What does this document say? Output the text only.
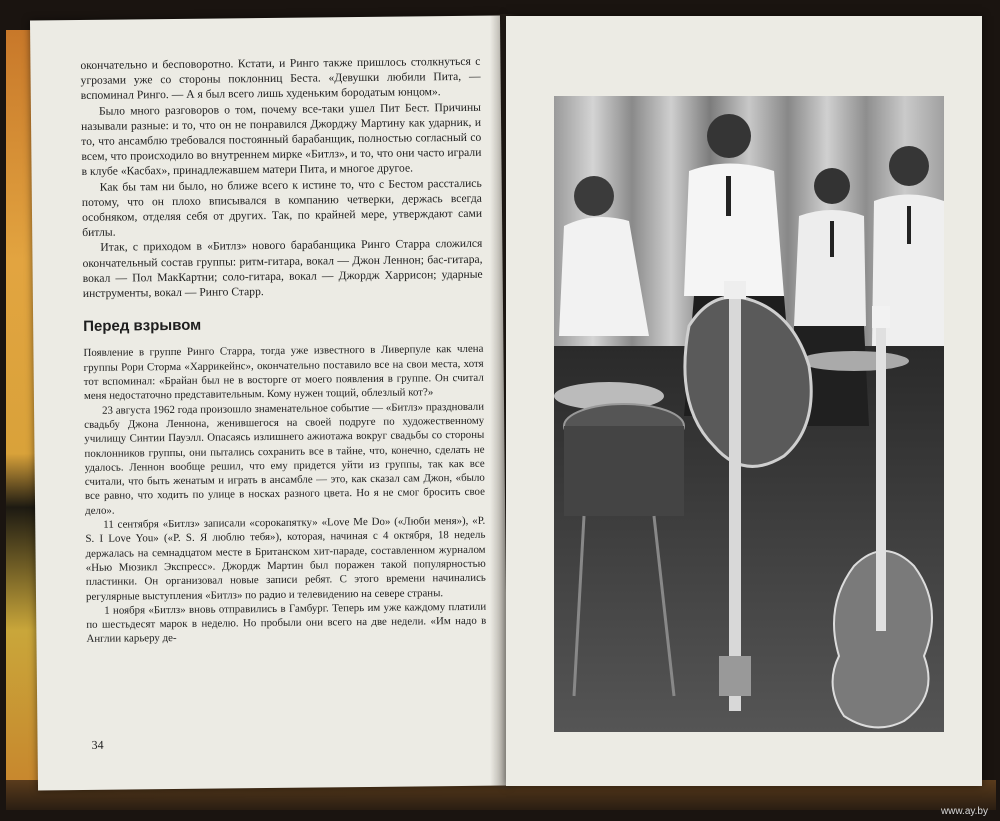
окончательно и бесповоротно. Кстати, и Ринго также пришлось столкнуться с угрозами уже со стороны поклонниц Беста. «Девушки любили Пита, — вспоминал Ринго. — А я был всего лишь худеньким бородатым юнцом».

Было много разговоров о том, почему все-таки ушел Пит Бест. Причины называли разные: и то, что он не понравился Джорджу Мартину как ударник, и то, что ансамблю требовался постоянный барабанщик, полностью согласный со всем, что происходило во внутреннем мирке «Битлз», и то, что они часто играли в клубе «Касбах», принадлежавшем матери Пита, и многое другое.

Как бы там ни было, но ближе всего к истине то, что с Бестом расстались потому, что он плохо вписывался в компанию четверки, держась всегда особняком, отделяя себя от других. Так, по крайней мере, утверждают сами битлы.

Итак, с приходом в «Битлз» нового барабанщика Ринго Старра сложился окончательный состав группы: ритм-гитара, вокал — Джон Леннон; бас-гитара, вокал — Пол МакКартни; соло-гитара, вокал — Джордж Харрисон; ударные инструменты, вокал — Ринго Старр.

Перед взрывом

Появление в группе Ринго Старра, тогда уже известного в Ливерпуле как члена группы Рори Сторма «Харрикейнс», окончательно поставило все на свои места, хотя тот вспоминал: «Брайан был не в восторге от моего появления в группе. Он считал меня недостаточно представительным. Кому нужен тощий, облезлый кот?»

23 августа 1962 года произошло знаменательное событие — «Битлз» праздновали свадьбу Джона Леннона, женившегося на своей подруге по художественному училищу Синтии Пауэлл. Опасаясь излишнего ажиотажа вокруг свадьбы со стороны поклонников группы, они пытались сохранить все в тайне, что, конечно, сделать не удалось. Леннон вообще решил, что ему придется уйти из группы, так как все считали, что быть женатым и играть в ансамбле — это, как сказал сам Джон, «было все равно, что ходить по улице в носках разного цвета. Но я не смог бросить свое дело».

11 сентября «Битлз» записали «сорокапятку» «Love Me Do» («Люби меня»), «P. S. I Love You» («P. S. Я люблю тебя»), которая, начиная с 4 октября, 18 недель держалась на семнадцатом месте в Британском хит-параде, составленном журналом «Нью Мюзикл Экспресс». Джордж Мартин был поражен такой популярностью пластинки. Он организовал новые записи ребят. С этого времени начинались регулярные выступления «Битлз» по радио и телевидению на севере страны.

1 ноября «Битлз» вновь отправились в Гамбург. Теперь им уже каждому платили по шестьдесят марок в неделю. Но пробыли они всего на две недели. «Им надо в Англии карьеру де-

34
www.ay.by
